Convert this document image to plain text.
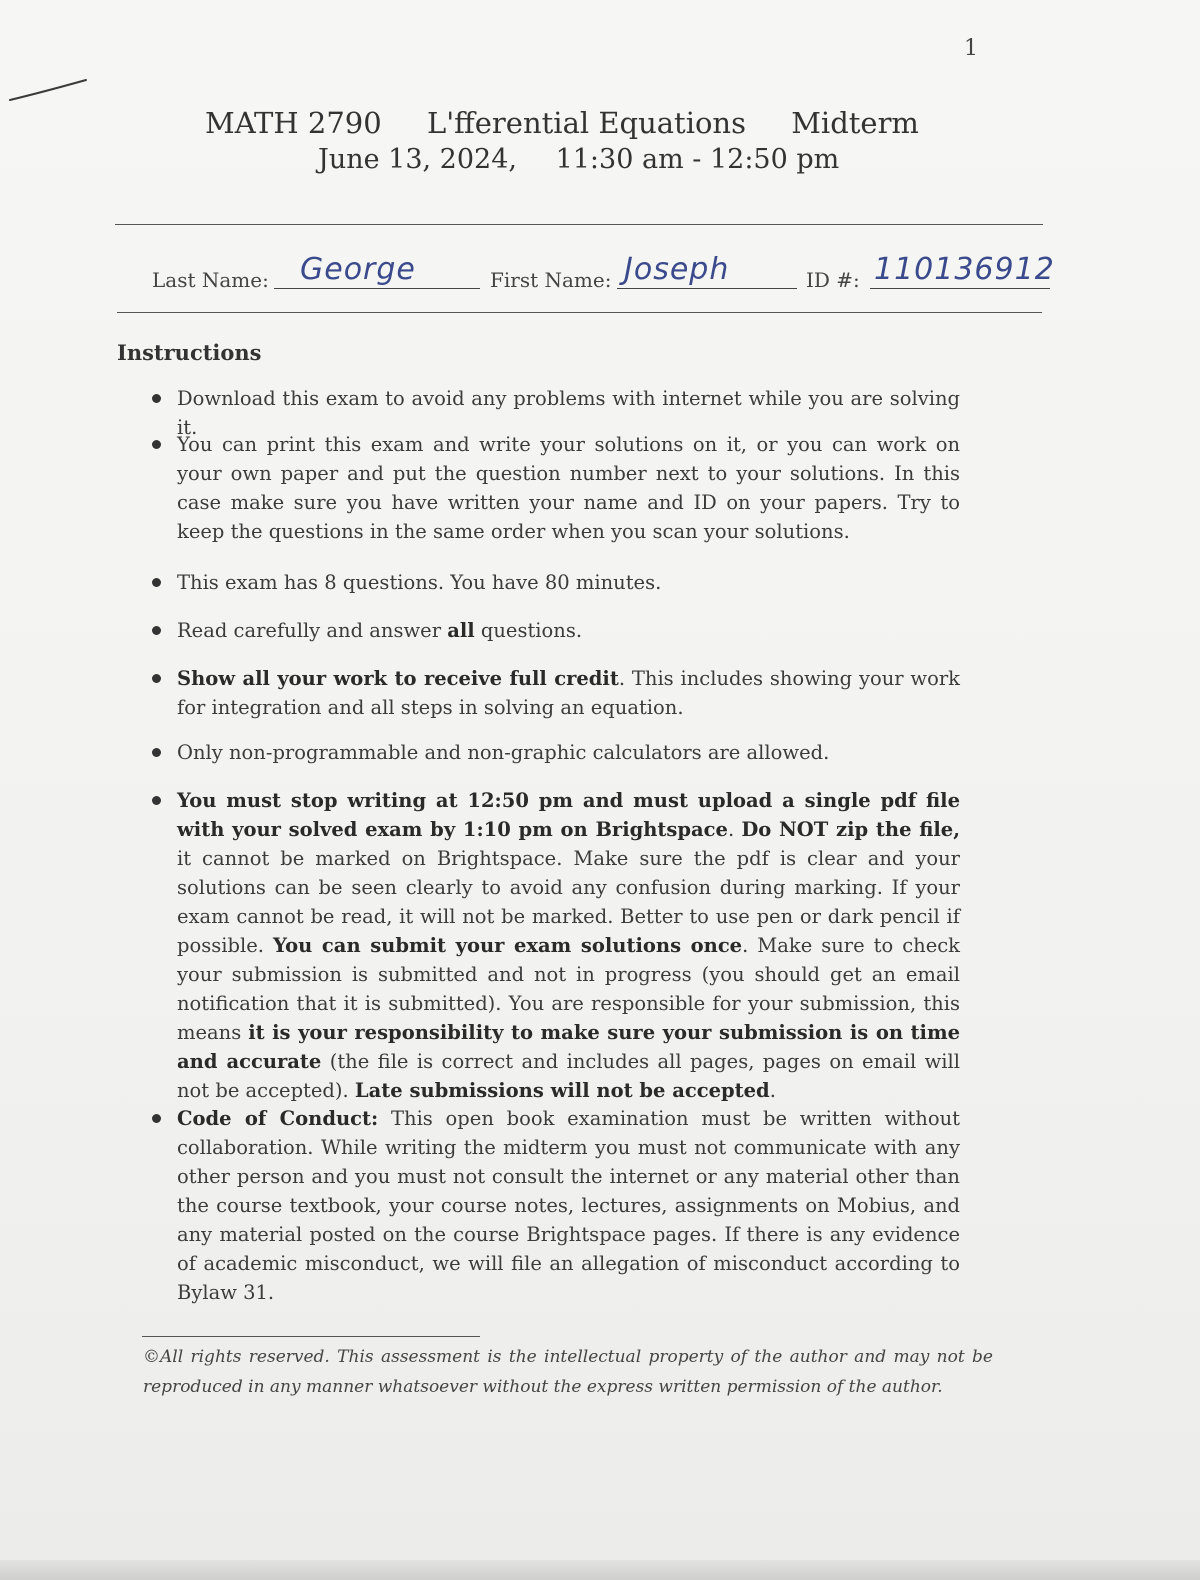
1
MATH 2790 L'fferential Equations Midterm
June 13, 2024, 11:30 am - 12:50 pm
Last Name: George	First Name: Joseph	ID #: 110136912
Instructions
Download this exam to avoid any problems with internet while you are solving it.
You can print this exam and write your solutions on it, or you can work on your own paper and put the question number next to your solutions. In this case make sure you have written your name and ID on your papers. Try to keep the questions in the same order when you scan your solutions.
This exam has 8 questions. You have 80 minutes.
Read carefully and answer all questions.
Show all your work to receive full credit. This includes showing your work for integration and all steps in solving an equation.
Only non-programmable and non-graphic calculators are allowed.
You must stop writing at 12:50 pm and must upload a single pdf file with your solved exam by 1:10 pm on Brightspace. Do NOT zip the file, it cannot be marked on Brightspace. Make sure the pdf is clear and your solutions can be seen clearly to avoid any confusion during marking. If your exam cannot be read, it will not be marked. Better to use pen or dark pencil if possible. You can submit your exam solutions once. Make sure to check your submission is submitted and not in progress (you should get an email notification that it is submitted). You are responsible for your submission, this means it is your responsibility to make sure your submission is on time and accurate (the file is correct and includes all pages, pages on email will not be accepted). Late submissions will not be accepted.
Code of Conduct: This open book examination must be written without collaboration. While writing the midterm you must not communicate with any other person and you must not consult the internet or any material other than the course textbook, your course notes, lectures, assignments on Mobius, and any material posted on the course Brightspace pages. If there is any evidence of academic misconduct, we will file an allegation of misconduct according to Bylaw 31.
©All rights reserved. This assessment is the intellectual property of the author and may not be reproduced in any manner whatsoever without the express written permission of the author.
